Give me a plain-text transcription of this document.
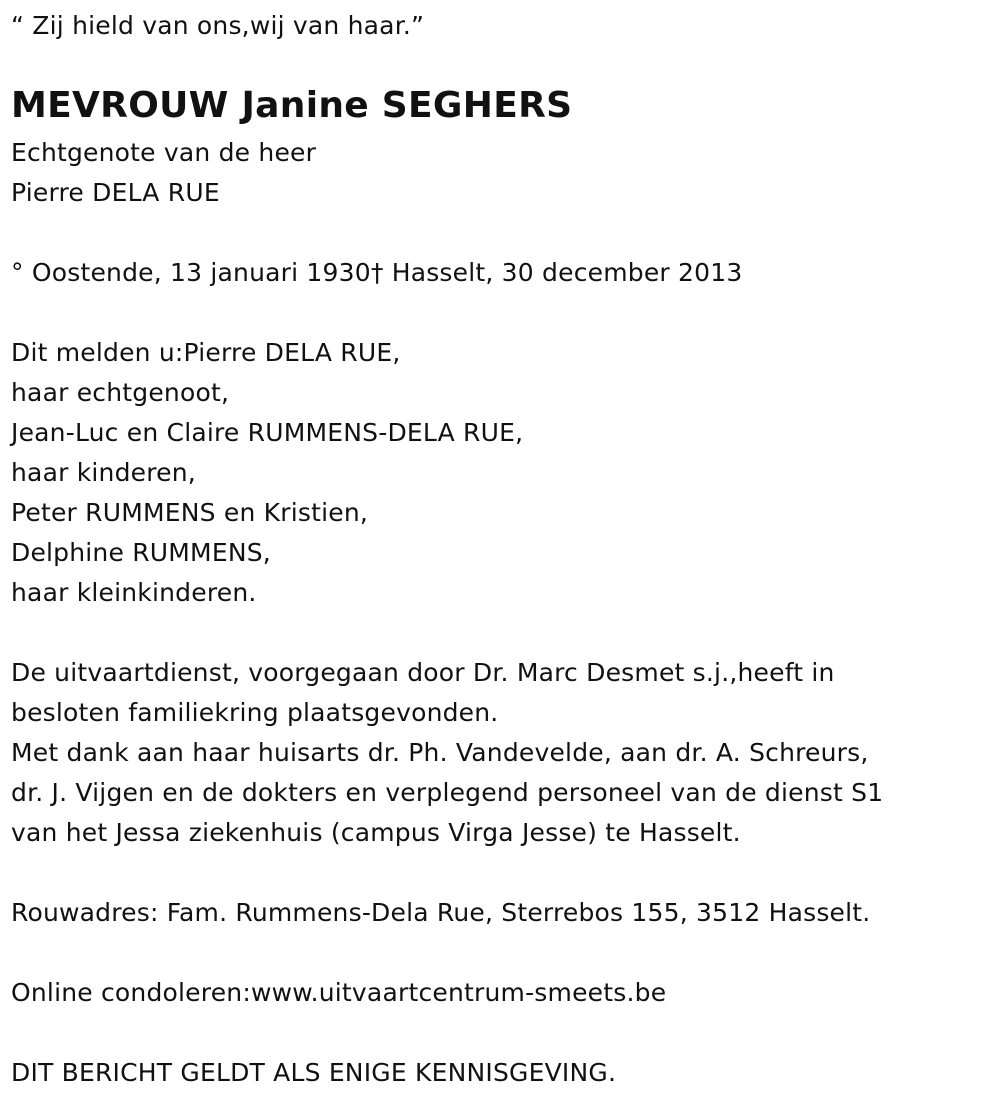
“ Zij hield van ons,wij van haar.”
MEVROUW Janine SEGHERS
Echtgenote van de heer
Pierre DELA RUE
° Oostende, 13 januari 1930† Hasselt, 30 december 2013
Dit melden u:Pierre DELA RUE,
haar echtgenoot,
Jean-Luc en Claire RUMMENS-DELA RUE,
haar kinderen,
Peter RUMMENS en Kristien,
Delphine RUMMENS,
haar kleinkinderen.
De uitvaartdienst, voorgegaan door Dr. Marc Desmet s.j.,heeft in
besloten familiekring plaatsgevonden.
Met dank aan haar huisarts dr. Ph. Vandevelde, aan dr. A. Schreurs,
dr. J. Vijgen en de dokters en verplegend personeel van de dienst S1
van het Jessa ziekenhuis (campus Virga Jesse) te Hasselt.
Rouwadres: Fam. Rummens-Dela Rue, Sterrebos 155, 3512 Hasselt.
Online condoleren:www.uitvaartcentrum-smeets.be
DIT BERICHT GELDT ALS ENIGE KENNISGEVING.
